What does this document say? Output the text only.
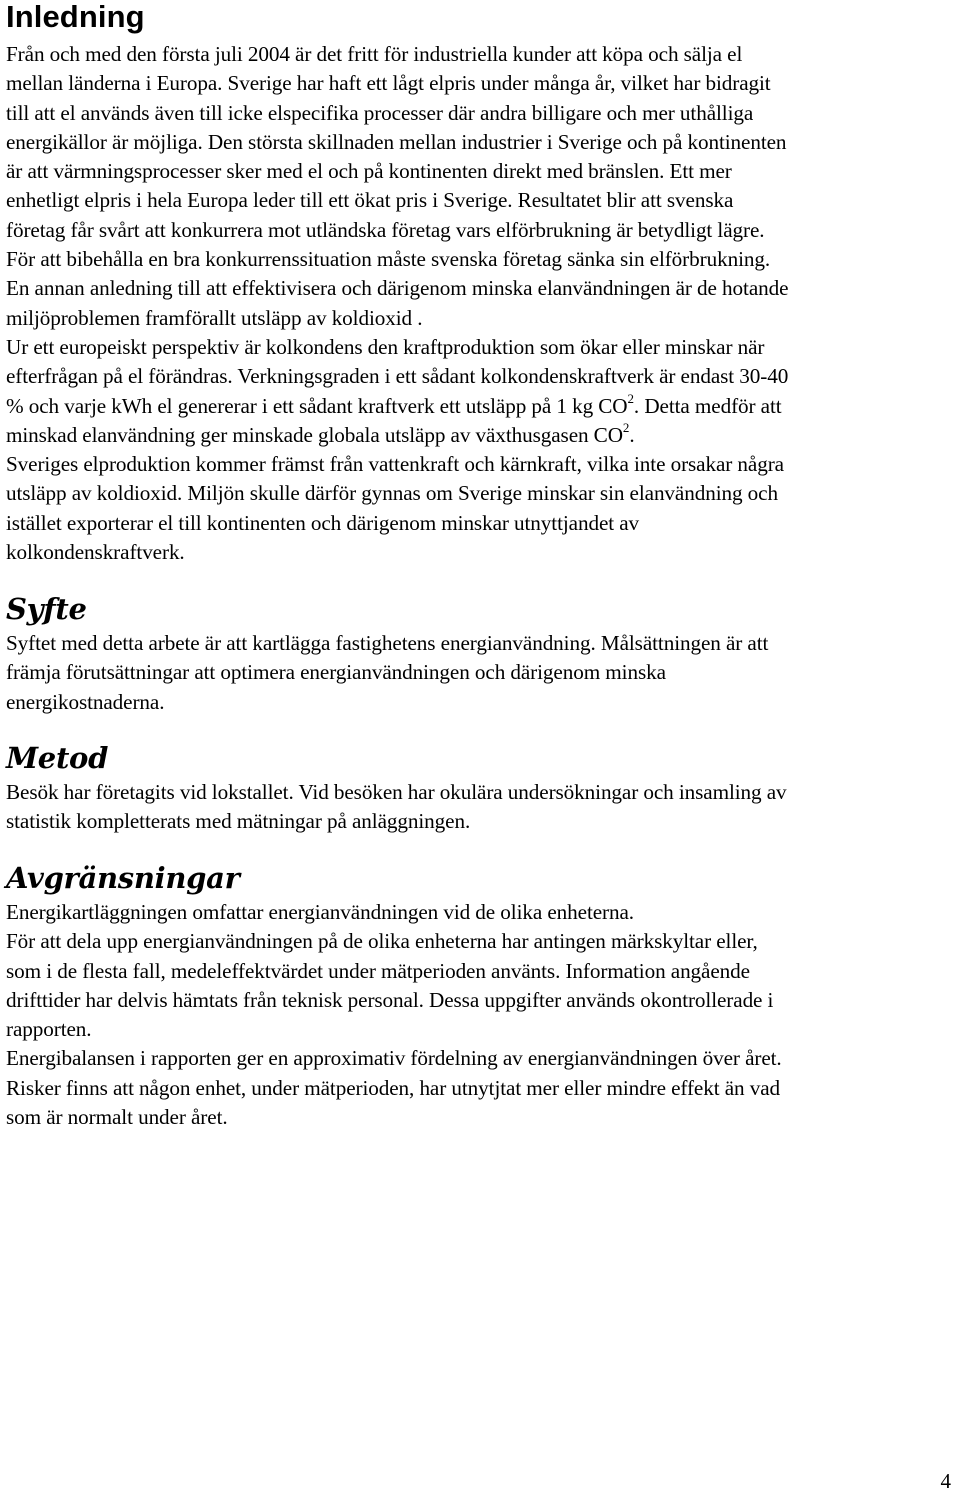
Inledning
Från och med den första juli 2004 är det fritt för industriella kunder att köpa och sälja el
mellan länderna i Europa. Sverige har haft ett lågt elpris under många år, vilket har bidragit
till att el används även till icke elspecifika processer där andra billigare och mer uthålliga
energikällor är möjliga. Den största skillnaden mellan industrier i Sverige och på kontinenten
är att värmningsprocesser sker med el och på kontinenten direkt med bränslen. Ett mer
enhetligt elpris i hela Europa leder till ett ökat pris i Sverige. Resultatet blir att svenska
företag får svårt att konkurrera mot utländska företag vars elförbrukning är betydligt lägre.
För att bibehålla en bra konkurrenssituation måste svenska företag sänka sin elförbrukning.
En annan anledning till att effektivisera och därigenom minska elanvändningen är de hotande
miljöproblemen framförallt utsläpp av koldioxid .
Ur ett europeiskt perspektiv är kolkondens den kraftproduktion som ökar eller minskar när
efterfrågan på el förändras. Verkningsgraden i ett sådant kolkondenskraftverk är endast 30-40
% och varje kWh el genererar i ett sådant kraftverk ett utsläpp på 1 kg $CO^2$. Detta medför att
minskad elanvändning ger minskade globala utsläpp av växthusgasen $CO^2$.
Sveriges elproduktion kommer främst från vattenkraft och kärnkraft, vilka inte orsakar några
utsläpp av koldioxid. Miljön skulle därför gynnas om Sverige minskar sin elanvändning och
istället exporterar el till kontinenten och därigenom minskar utnyttjandet av
kolkondenskraftverk.
Syfte
Syftet med detta arbete är att kartlägga fastighetens energianvändning. Målsättningen är att
främja förutsättningar att optimera energianvändningen och därigenom minska
energikostnaderna.
Metod
Besök har företagits vid lokstallet. Vid besöken har okulära undersökningar och insamling av
statistik kompletterats med mätningar på anläggningen.
Avgränsningar
Energikartläggningen omfattar energianvändningen vid de olika enheterna.
För att dela upp energianvändningen på de olika enheterna har antingen märkskyltar eller,
som i de flesta fall, medeleffektvärdet under mätperioden använts. Information angående
drifttider har delvis hämtats från teknisk personal. Dessa uppgifter används okontrollerade i
rapporten.
Energibalansen i rapporten ger en approximativ fördelning av energianvändningen över året.
Risker finns att någon enhet, under mätperioden, har utnytjtat mer eller mindre effekt än vad
som är normalt under året.
4
